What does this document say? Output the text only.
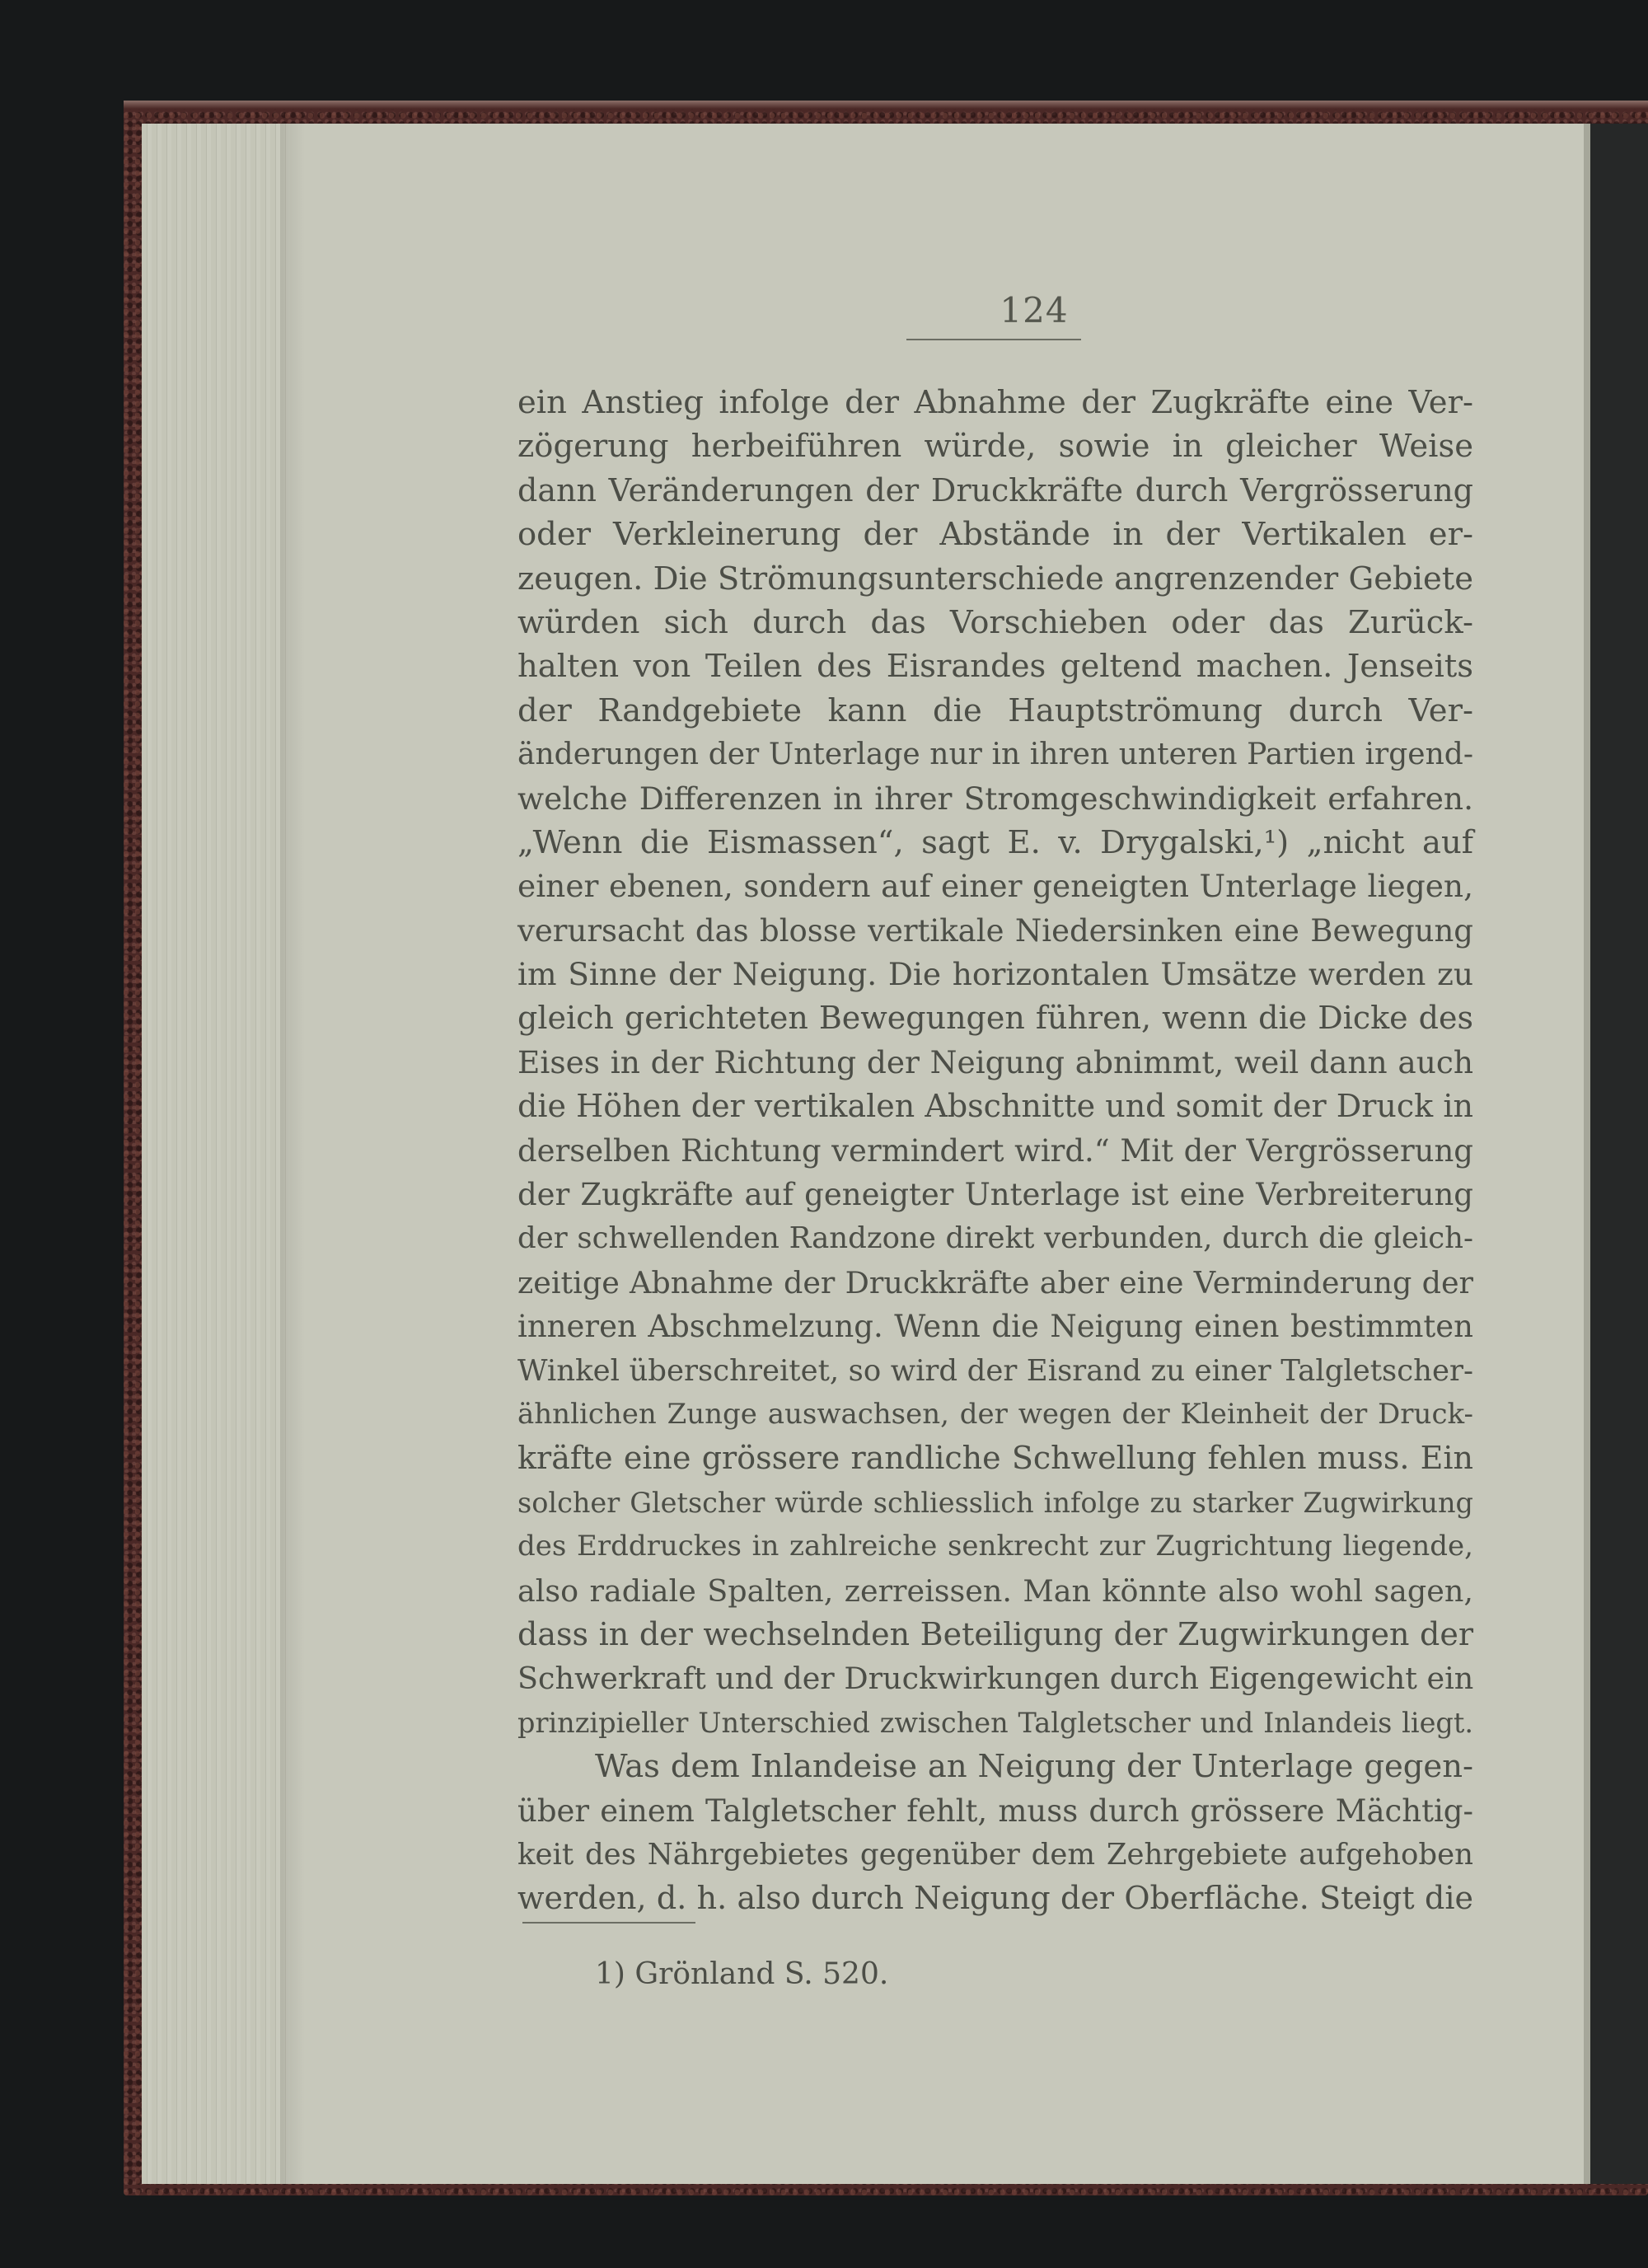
124
ein Anstieg infolge der Abnahme der Zugkräfte eine Ver-
zögerung herbeiführen würde, sowie in gleicher Weise
dann Veränderungen der Druckkräfte durch Vergrösserung
oder Verkleinerung der Abstände in der Vertikalen er-
zeugen. Die Strömungsunterschiede angrenzender Gebiete
würden sich durch das Vorschieben oder das Zurück-
halten von Teilen des Eisrandes geltend machen. Jenseits
der Randgebiete kann die Hauptströmung durch Ver-
änderungen der Unterlage nur in ihren unteren Partien irgend-
welche Differenzen in ihrer Stromgeschwindigkeit erfahren.
„Wenn die Eismassen“, sagt E. v. Drygalski,¹) „nicht auf
einer ebenen, sondern auf einer geneigten Unterlage liegen,
verursacht das blosse vertikale Niedersinken eine Bewegung
im Sinne der Neigung. Die horizontalen Umsätze werden zu
gleich gerichteten Bewegungen führen, wenn die Dicke des
Eises in der Richtung der Neigung abnimmt, weil dann auch
die Höhen der vertikalen Abschnitte und somit der Druck in
derselben Richtung vermindert wird.“ Mit der Vergrösserung
der Zugkräfte auf geneigter Unterlage ist eine Verbreiterung
der schwellenden Randzone direkt verbunden, durch die gleich-
zeitige Abnahme der Druckkräfte aber eine Verminderung der
inneren Abschmelzung. Wenn die Neigung einen bestimmten
Winkel überschreitet, so wird der Eisrand zu einer Talgletscher-
ähnlichen Zunge auswachsen, der wegen der Kleinheit der Druck-
kräfte eine grössere randliche Schwellung fehlen muss. Ein
solcher Gletscher würde schliesslich infolge zu starker Zugwirkung
des Erddruckes in zahlreiche senkrecht zur Zugrichtung liegende,
also radiale Spalten, zerreissen. Man könnte also wohl sagen,
dass in der wechselnden Beteiligung der Zugwirkungen der
Schwerkraft und der Druckwirkungen durch Eigengewicht ein
prinzipieller Unterschied zwischen Talgletscher und Inlandeis liegt.
Was dem Inlandeise an Neigung der Unterlage gegen-
über einem Talgletscher fehlt, muss durch grössere Mächtig-
keit des Nährgebietes gegenüber dem Zehrgebiete aufgehoben
werden, d. h. also durch Neigung der Oberfläche. Steigt die
1) Grönland S. 520.
